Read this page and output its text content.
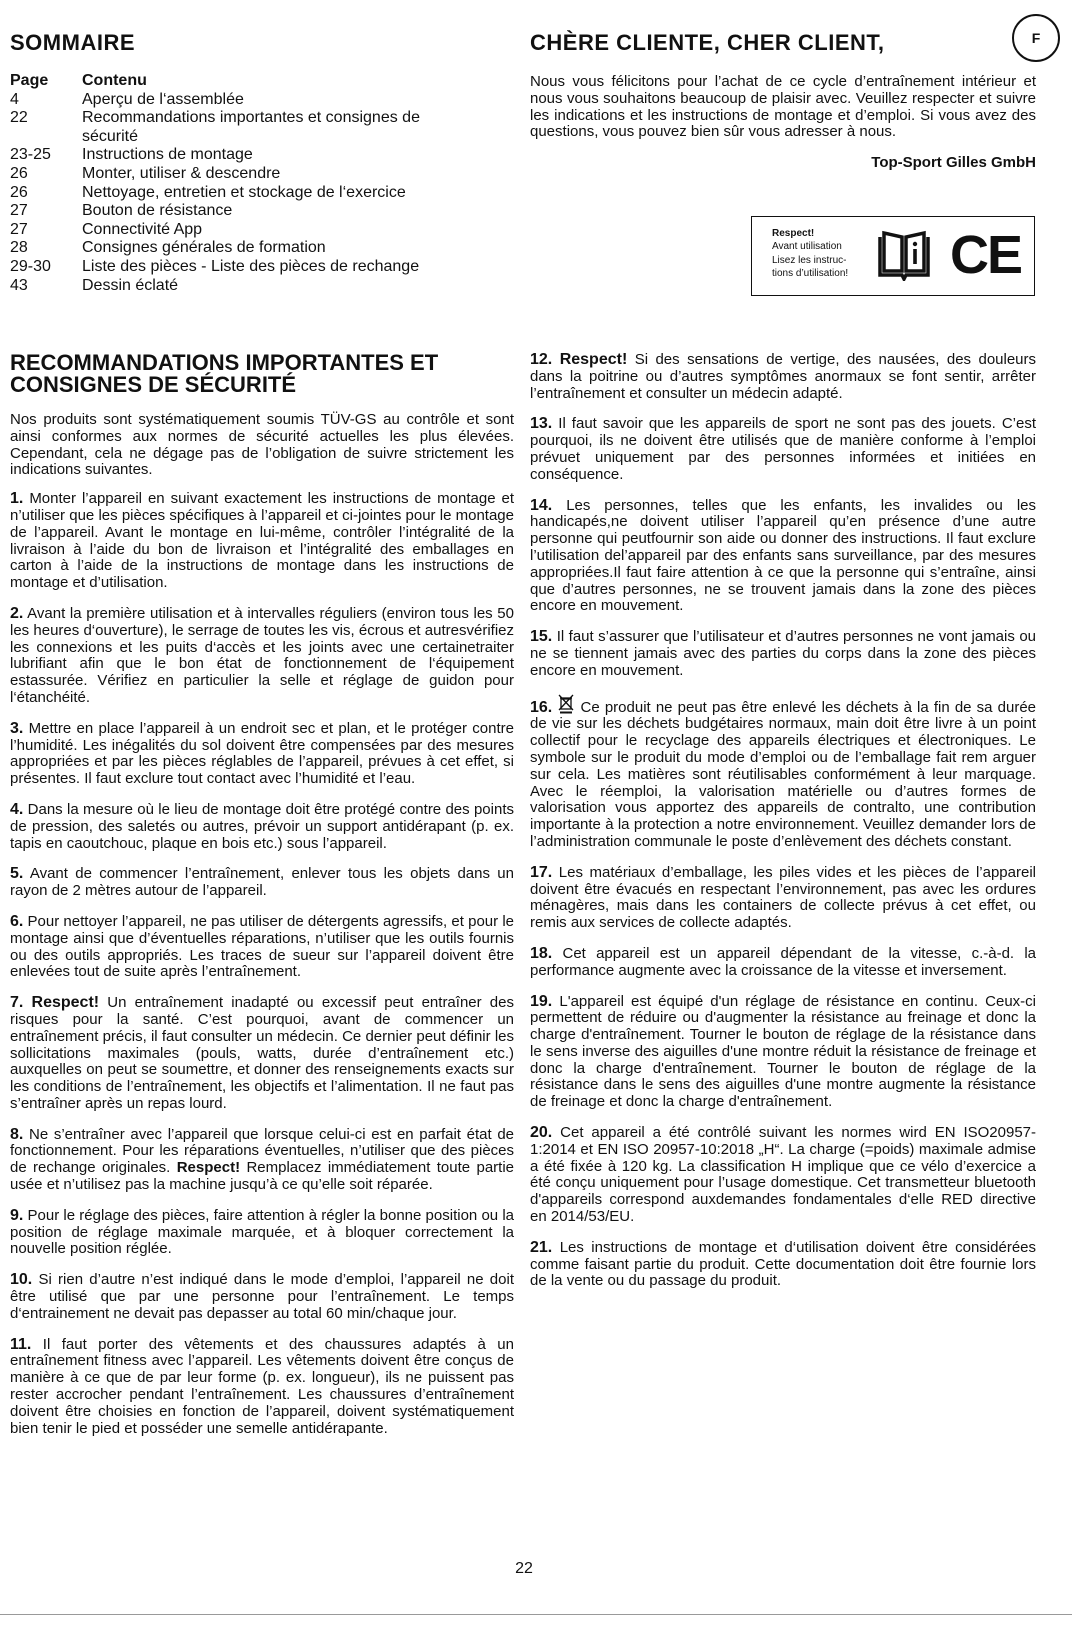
SOMMAIRE
Page	Contenu
4	Aperçu de l‘assemblée
22	Recommandations importantes et consignes de sécurité
23-25	Instructions de montage
26	Monter, utiliser & descendre
26	Nettoyage, entretien et stockage de l‘exercice
27	Bouton de résistance
27	Connectivité App
28	Consignes générales de formation
29-30	Liste des pièces - Liste des pièces de rechange
43	Dessin éclaté
CHÈRE CLIENTE, CHER CLIENT,	F
Nous vous félicitons pour l’achat de ce cycle d’entraînement intérieur et nous vous souhaitons beaucoup de plaisir avec. Veuillez respecter et suivre les indications et les instructions de montage et d’emploi. Si vous avez des questions, vous pouvez bien sûr vous adresser à nous.
Top-Sport Gilles GmbH
Respect!
Avant utilisation
Lisez les instruc-
tions d’utilisation! CE
RECOMMANDATIONS IMPORTANTES ET
CONSIGNES DE SÉCURITÉ

Nos produits sont systématiquement soumis TÜV-GS au contrôle et sont ainsi conformes aux normes de sécurité actuelles les plus élevées. Cependant, cela ne dégage pas de l’obligation de suivre strictement les indications suivantes.

1. Monter l’appareil en suivant exactement les instructions de montage et n’utiliser que les pièces spécifiques à l’appareil et ci-jointes pour le montage de l’appareil. Avant le montage en lui-même, contrôler l’intégralité de la livraison à l’aide du bon de livraison et l’intégralité des emballages en carton à l’aide de la instructions de montage dans les instructions de montage et d’utilisation.

2. Avant la première utilisation et à intervalles réguliers (environ tous les 50 les heures d‘ouverture), le serrage de toutes les vis, écrous et autresvérifiez les connexions et les puits d‘accès et les joints avec une certainetraiter lubrifiant afin que le bon état de fonctionnement de l‘équipement estassurée. Vérifiez en particulier la selle et réglage de guidon pour l‘étanchéité.

3. Mettre en place l’appareil à un endroit sec et plan, et le protéger contre l’humidité. Les inégalités du sol doivent être compensées par des mesures appropriées et par les pièces réglables de l’appareil, prévues à cet effet, si présentes. Il faut exclure tout contact avec l’humidité et l’eau.

4. Dans la mesure où le lieu de montage doit être protégé contre des points de pression, des saletés ou autres, prévoir un support antidérapant (p. ex. tapis en caoutchouc, plaque en bois etc.) sous l’appareil.

5. Avant de commencer l’entraînement, enlever tous les objets dans un rayon de 2 mètres autour de l’appareil.

6. Pour nettoyer l’appareil, ne pas utiliser de détergents agressifs, et pour le montage ainsi que d’éventuelles réparations, n’utiliser que les outils fournis ou des outils appropriés. Les traces de sueur sur l’appareil doivent être enlevées tout de suite après l’entraînement.

7. Respect! Un entraînement inadapté ou excessif peut entraîner des risques pour la santé. C’est pourquoi, avant de commencer un entraînement précis, il faut consulter un médecin. Ce dernier peut définir les sollicitations maximales (pouls, watts, durée d’entraînement etc.) auxquelles on peut se soumettre, et donner des renseignements exacts sur les conditions de l’entraînement, les objectifs et l’alimentation. Il ne faut pas s’entraîner après un repas lourd.

8. Ne s’entraîner avec l’appareil que lorsque celui-ci est en parfait état de fonctionnement. Pour les réparations éventuelles, n’utiliser que des pièces de rechange originales. Respect! Remplacez immédiatement toute partie usée et n’utilisez pas la machine jusqu’à ce qu’elle soit réparée.

9. Pour le réglage des pièces, faire attention à régler la bonne position ou la position de réglage maximale marquée, et à bloquer correctement la nouvelle position réglée.

10. Si rien d’autre n’est indiqué dans le mode d’emploi, l’appareil ne doit être utilisé que par une personne pour l’entraînement. Le temps d‘entrainement ne devait pas depasser au total 60 min/chaque jour.

11. Il faut porter des vêtements et des chaussures adaptés à un entraînement fitness avec l’appareil. Les vêtements doivent être conçus de manière à ce que de par leur forme (p. ex. longueur), ils ne puissent pas rester accrocher pendant l’entraînement. Les chaussures d’entraînement doivent être choisies en fonction de l’appareil, doivent systématiquement bien tenir le pied et posséder une semelle antidérapante.

12. Respect! Si des sensations de vertige, des nausées, des douleurs dans la poitrine ou d’autres symptômes anormaux se font sentir, arrêter l’entraînement et consulter un médecin adapté.

13. Il faut savoir que les appareils de sport ne sont pas des jouets. C’est pourquoi, ils ne doivent être utilisés que de manière conforme à l’emploi prévuet uniquement par des personnes informées et initiées en conséquence.

14. Les personnes, telles que les enfants, les invalides ou les handicapés,ne doivent utiliser l’appareil qu’en présence d’une autre personne qui peutfournir son aide ou donner des instructions. Il faut exclure l’utilisation del’appareil par des enfants sans surveillance, par des mesures appropriées.Il faut faire attention à ce que la personne qui s’entraîne, ainsi que d’autres personnes, ne se trouvent jamais dans la zone des pièces encore en mouvement.

15. Il faut s’assurer que l’utilisateur et d’autres personnes ne vont jamais ou ne se tiennent jamais avec des parties du corps dans la zone des pièces encore en mouvement.

16. Ce produit ne peut pas être enlevé les déchets à la fin de sa durée de vie sur les déchets budgétaires normaux, main doit être livre à un point collectif pour le recyclage des appareils électriques et électroniques. Le symbole sur le produit du mode d’emploi ou de l’emballage fait rem arguer sur cela. Les matières sont réutilisables conformément à leur marquage. Avec le réemploi, la valorisation matérielle ou d’autres formes de valorisation vous apportez des appareils de contralto, une contribution importante à la protection a notre environnement. Veuillez demander lors de l’administration communale le poste d’enlèvement des déchets constant.

17. Les matériaux d’emballage, les piles vides et les pièces de l’appareil doivent être évacués en respectant l’environnement, pas avec les ordures ménagères, mais dans les containers de collecte prévus à cet effet, ou remis aux services de collecte adaptés.

18. Cet appareil est un appareil dépendant de la vitesse, c.-à-d. la performance augmente avec la croissance de la vitesse et inversement.

19. L'appareil est équipé d'un réglage de résistance en continu. Ceux-ci permettent de réduire ou d'augmenter la résistance au freinage et donc la charge d'entraînement. Tourner le bouton de réglage de la résistance dans le sens inverse des aiguilles d'une montre réduit la résistance de freinage et donc la charge d'entraînement. Tourner le bouton de réglage de la résistance dans le sens des aiguilles d'une montre augmente la résistance de freinage et donc la charge d'entraînement.

20. Cet appareil a été contrôlé suivant les normes wird EN ISO20957-1:2014 et EN ISO 20957-10:2018 „H“. La charge (=poids) maximale admise a été fixée à 120 kg. La classification H implique que ce vélo d’exercice a été conçu uniquement pour l’usage domestique. Cet transmetteur bluetooth d'appareils correspond auxdemandes fondamentales d‘elle RED directive en 2014/53/EU.

21. Les instructions de montage et d‘utilisation doivent être considérées comme faisant partie du produit. Cette documentation doit être fournie lors de la vente ou du passage du produit.

22
